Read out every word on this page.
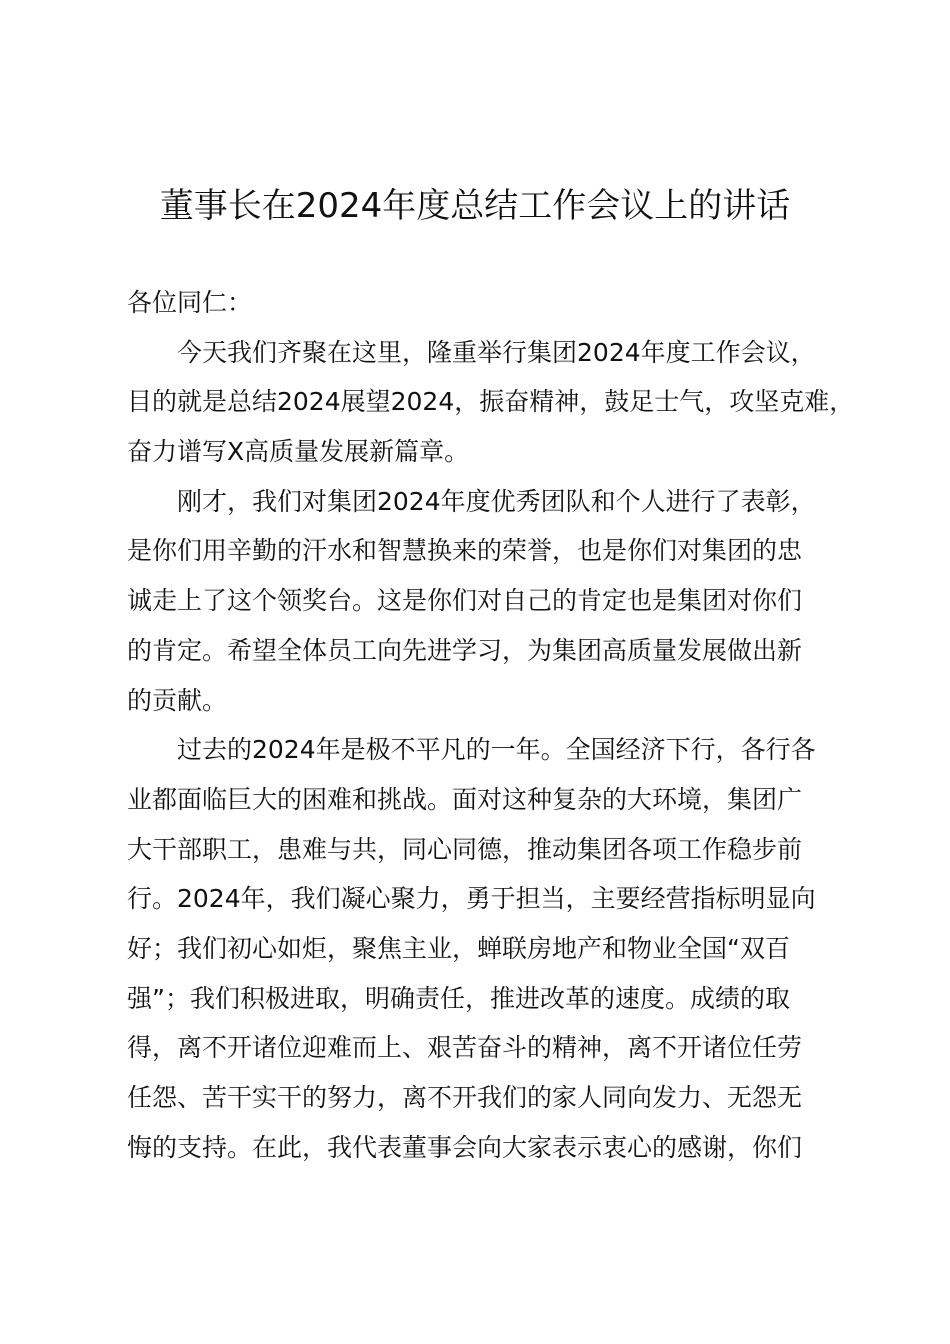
董事长在2024年度总结工作会议上的讲话
各位同仁：
今天我们齐聚在这里，隆重举行集团2024年度工作会议，
目的就是总结2024展望2024，振奋精神，鼓足士气，攻坚克难，
奋力谱写X高质量发展新篇章。
刚才，我们对集团2024年度优秀团队和个人进行了表彰，
是你们用辛勤的汗水和智慧换来的荣誉，也是你们对集团的忠
诚走上了这个领奖台。这是你们对自己的肯定也是集团对你们
的肯定。希望全体员工向先进学习，为集团高质量发展做出新
的贡献。
过去的2024年是极不平凡的一年。全国经济下行，各行各
业都面临巨大的困难和挑战。面对这种复杂的大环境，集团广
大干部职工，患难与共，同心同德，推动集团各项工作稳步前
行。2024年，我们凝心聚力，勇于担当，主要经营指标明显向
好；我们初心如炬，聚焦主业，蝉联房地产和物业全国“双百
强”；我们积极进取，明确责任，推进改革的速度。成绩的取
得，离不开诸位迎难而上、艰苦奋斗的精神，离不开诸位任劳
任怨、苦干实干的努力，离不开我们的家人同向发力、无怨无
悔的支持。在此，我代表董事会向大家表示衷心的感谢，你们
